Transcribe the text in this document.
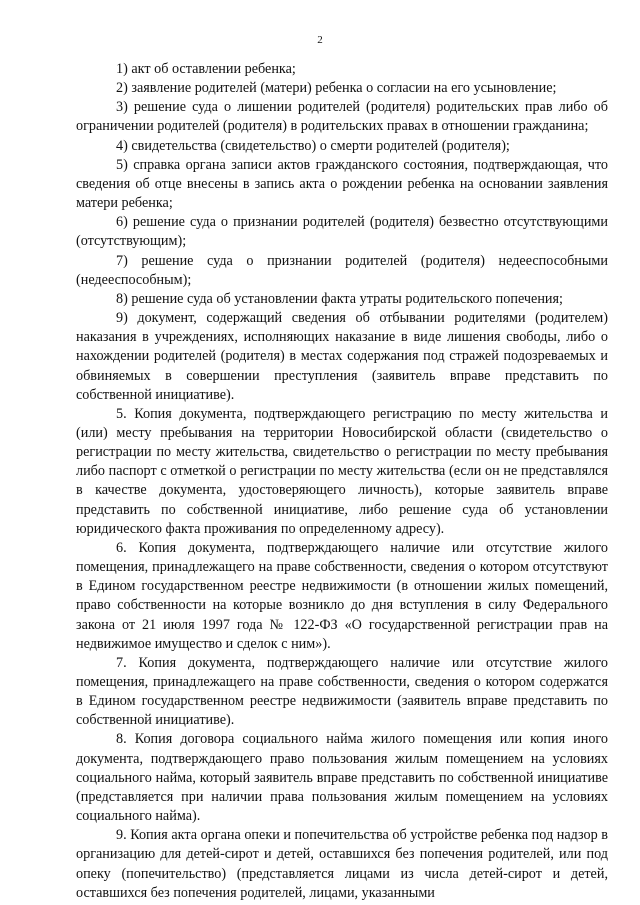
2

1) акт об оставлении ребенка;

2) заявление родителей (матери) ребенка о согласии на его усыновление;

3) решение суда о лишении родителей (родителя) родительских прав либо об ограничении родителей (родителя) в родительских правах в отношении гражданина;

4) свидетельства (свидетельство) о смерти родителей (родителя);

5) справка органа записи актов гражданского состояния, подтверждающая, что сведения об отце внесены в запись акта о рождении ребенка на основании заявления матери ребенка;

6) решение суда о признании родителей (родителя) безвестно отсутствующими (отсутствующим);

7) решение суда о признании родителей (родителя) недееспособными (недееспособным);

8) решение суда об установлении факта утраты родительского попечения;

9) документ, содержащий сведения об отбывании родителями (родителем) наказания в учреждениях, исполняющих наказание в виде лишения свободы, либо о нахождении родителей (родителя) в местах содержания под стражей подозреваемых и обвиняемых в совершении преступления (заявитель вправе представить по собственной инициативе).

5. Копия документа, подтверждающего регистрацию по месту жительства и (или) месту пребывания на территории Новосибирской области (свидетельство о регистрации по месту жительства, свидетельство о регистрации по месту пребывания либо паспорт с отметкой о регистрации по месту жительства (если он не представлялся в качестве документа, удостоверяющего личность), которые заявитель вправе представить по собственной инициативе, либо решение суда об установлении юридического факта проживания по определенному адресу).

6. Копия документа, подтверждающего наличие или отсутствие жилого помещения, принадлежащего на праве собственности, сведения о котором отсутствуют в Едином государственном реестре недвижимости (в отношении жилых помещений, право собственности на которые возникло до дня вступления в силу Федерального закона от 21 июля 1997 года № 122-ФЗ «О государственной регистрации прав на недвижимое имущество и сделок с ним»).

7. Копия документа, подтверждающего наличие или отсутствие жилого помещения, принадлежащего на праве собственности, сведения о котором содержатся в Едином государственном реестре недвижимости (заявитель вправе представить по собственной инициативе).

8. Копия договора социального найма жилого помещения или копия иного документа, подтверждающего право пользования жилым помещением на условиях социального найма, который заявитель вправе представить по собственной инициативе (представляется при наличии права пользования жилым помещением на условиях социального найма).

9. Копия акта органа опеки и попечительства об устройстве ребенка под надзор в организацию для детей-сирот и детей, оставшихся без попечения родителей, или под опеку (попечительство) (представляется лицами из числа детей-сирот и детей, оставшихся без попечения родителей, лицами, указанными
